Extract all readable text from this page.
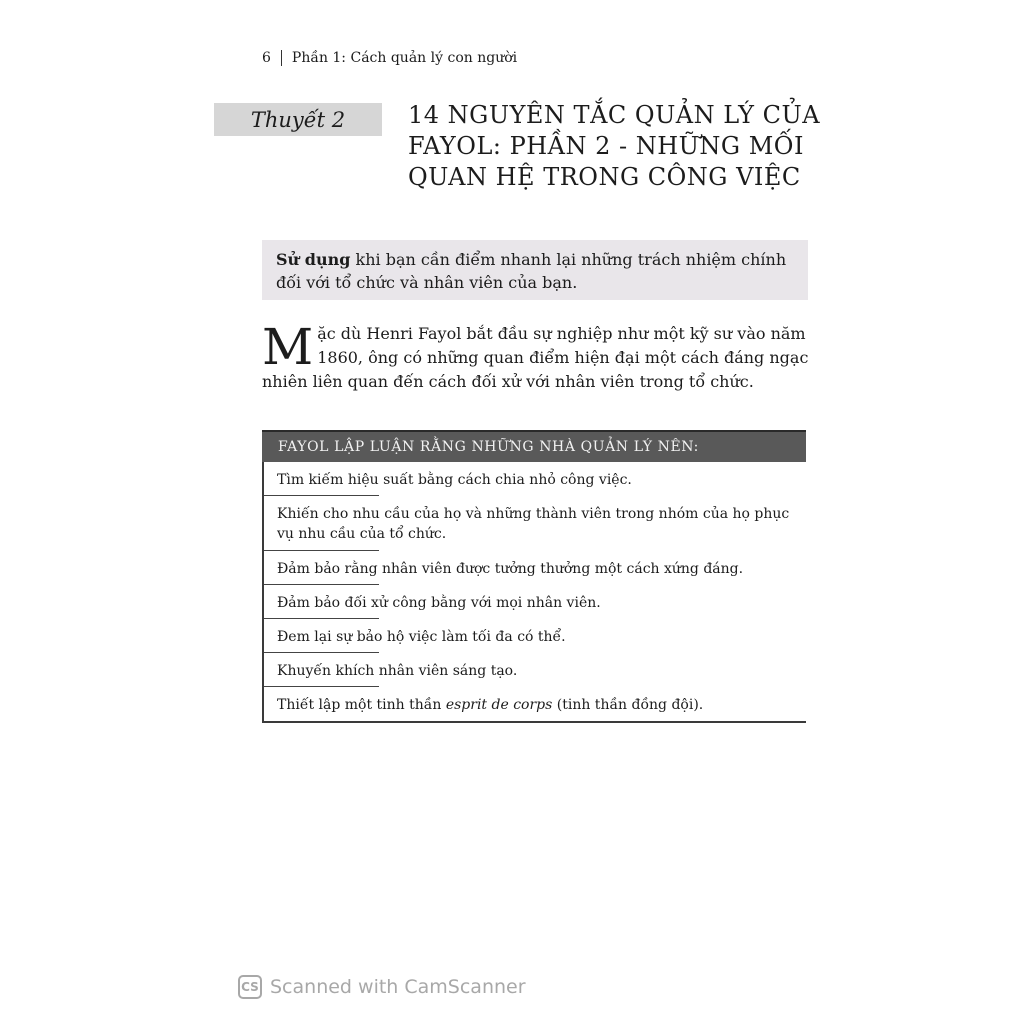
6 Phần 1: Cách quản lý con người
Thuyết 2	14 NGUYÊN TẮC QUẢN LÝ CỦA
FAYOL: PHẦN 2 - NHỮNG MỐI
QUAN HỆ TRONG CÔNG VIỆC
Sử dụng khi bạn cần điểm nhanh lại những trách nhiệm chính đối với tổ chức và nhân viên của bạn.
M ặc dù Henri Fayol bắt đầu sự nghiệp như một kỹ sư vào năm 1860, ông có những quan điểm hiện đại một cách đáng ngạc nhiên liên quan đến cách đối xử với nhân viên trong tổ chức.
FAYOL LẬP LUẬN RẰNG NHỮNG NHÀ QUẢN LÝ NÊN:
Tìm kiếm hiệu suất bằng cách chia nhỏ công việc.
Khiến cho nhu cầu của họ và những thành viên trong nhóm của họ phục vụ nhu cầu của tổ chức.
Đảm bảo rằng nhân viên được tưởng thưởng một cách xứng đáng.
Đảm bảo đối xử công bằng với mọi nhân viên.
Đem lại sự bảo hộ việc làm tối đa có thể.
Khuyến khích nhân viên sáng tạo.
Thiết lập một tinh thần esprit de corps (tinh thần đồng đội).
CS Scanned with CamScanner
